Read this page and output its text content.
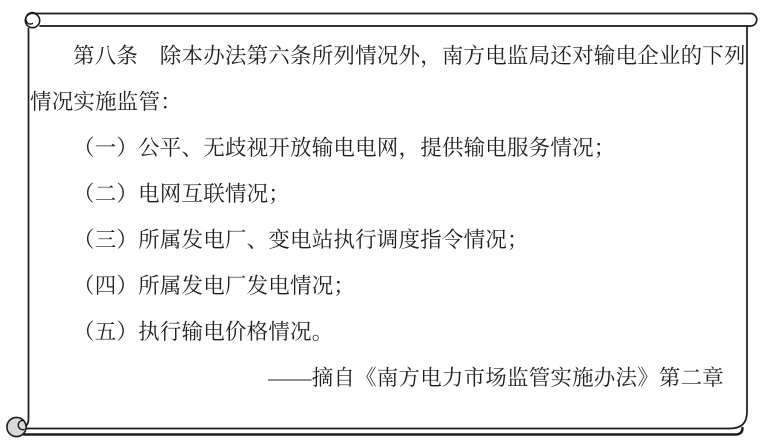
第八条　除本办法第六条所列情况外，南方电监局还对输电企业的下列
情况实施监管：
（一）公平、无歧视开放输电电网，提供输电服务情况；
（二）电网互联情况；
（三）所属发电厂、变电站执行调度指令情况；
（四）所属发电厂发电情况；
（五）执行输电价格情况。
——摘自《南方电力市场监管实施办法》第二章
